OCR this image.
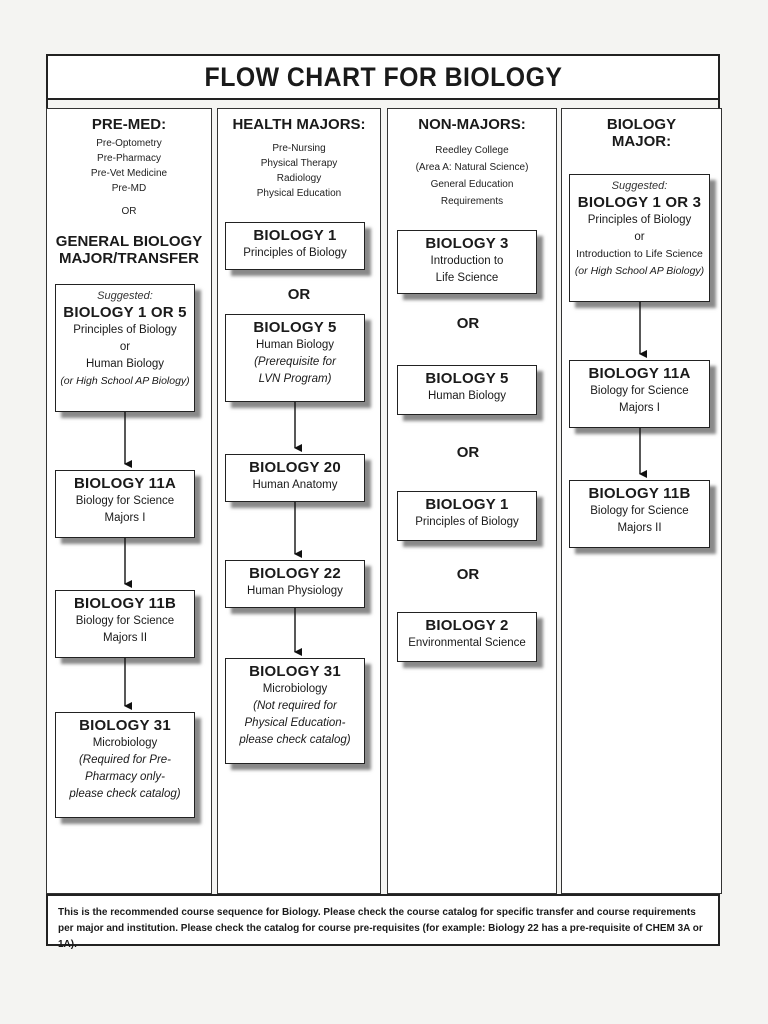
FLOW CHART FOR BIOLOGY
PRE-MED:
Pre-Optometry
Pre-Pharmacy
Pre-Vet Medicine
Pre-MD
OR
GENERAL BIOLOGY
MAJOR/TRANSFER
Suggested:
BIOLOGY 1 OR 5
Principles of Biology
or
Human Biology
(or High School AP Biology)
BIOLOGY 11A
Biology for Science
Majors I
BIOLOGY 11B
Biology for Science
Majors II
BIOLOGY 31
Microbiology
(Required for Pre-
Pharmacy only-
please check catalog)
HEALTH MAJORS:
Pre-Nursing
Physical Therapy
Radiology
Physical Education
BIOLOGY 1
Principles of Biology
OR
BIOLOGY 5
Human Biology
(Prerequisite for
LVN Program)
BIOLOGY 20
Human Anatomy
BIOLOGY 22
Human Physiology
BIOLOGY 31
Microbiology
(Not required for
Physical Education-
please check catalog)
NON-MAJORS:
Reedley College
(Area A: Natural Science)
General Education
Requirements
BIOLOGY 3
Introduction to
Life Science
OR
BIOLOGY 5
Human Biology
OR
BIOLOGY 1
Principles of Biology
OR
BIOLOGY 2
Environmental Science
BIOLOGY
MAJOR:
Suggested:
BIOLOGY 1 OR 3
Principles of Biology
or
Introduction to Life Science
(or High School AP Biology)
BIOLOGY 11A
Biology for Science
Majors I
BIOLOGY 11B
Biology for Science
Majors II
This is the recommended course sequence for Biology. Please check the course catalog for specific transfer and course requirements per major and institution. Please check the catalog for course pre-requisites (for example: Biology 22 has a pre-requisite of CHEM 3A or 1A).
